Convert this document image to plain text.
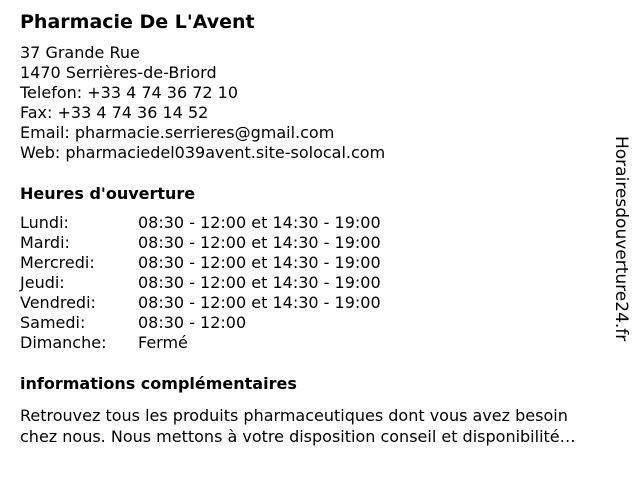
Pharmacie De L'Avent
37 Grande Rue
1470 Serrières-de-Briord
Telefon: +33 4 74 36 72 10
Fax: +33 4 74 36 14 52
Email: pharmacie.serrieres@gmail.com
Web: pharmaciedel039avent.site-solocal.com
Heures d'ouverture
Lundi:	08:30 - 12:00 et 14:30 - 19:00
Mardi:	08:30 - 12:00 et 14:30 - 19:00
Mercredi:	08:30 - 12:00 et 14:30 - 19:00
Jeudi:	08:30 - 12:00 et 14:30 - 19:00
Vendredi:	08:30 - 12:00 et 14:30 - 19:00
Samedi:	08:30 - 12:00
Dimanche: Fermé
informations complémentaires
Retrouvez tous les produits pharmaceutiques dont vous avez besoin
chez nous. Nous mettons à votre disposition conseil et disponibilité…
Horairesdouverture24.fr
